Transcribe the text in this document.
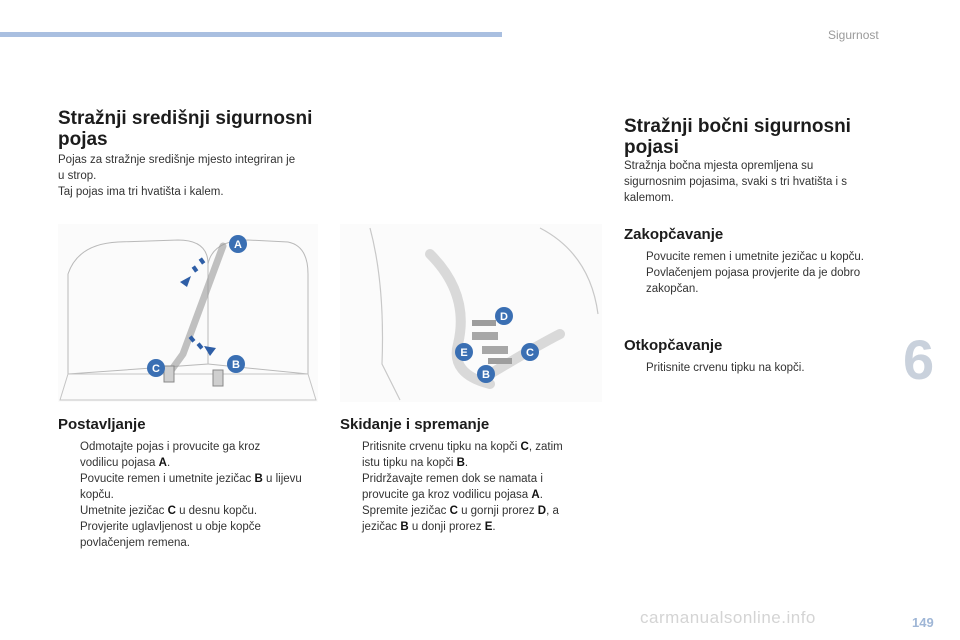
Sigurnost
Stražnji središnji sigurnosni
pojas

Pojas za stražnje središnje mjesto integriran je
u strop.
Taj pojas ima tri hvatišta i kalem.

A
C	B
Postavljanje
Odmotajte pojas i provucite ga kroz
vodilicu pojasa A.
Povucite remen i umetnite jezičac B u lijevu
kopču.
Umetnite jezičac C u desnu kopču.
Provjerite uglavljenost u obje kopče
povlačenjem remena.
D
E	C
B
Skidanje i spremanje
Pritisnite crvenu tipku na kopči C, zatim
istu tipku na kopči B.
Pridržavajte remen dok se namata i
provucite ga kroz vodilicu pojasa A.
Spremite jezičac C u gornji prorez D, a
jezičac B u donji prorez E.
Stražnji bočni sigurnosni
pojasi

Stražnja bočna mjesta opremljena su
sigurnosnim pojasima, svaki s tri hvatišta i s
kalemom.

Zakopčavanje
Povucite remen i umetnite jezičac u kopču.
Povlačenjem pojasa provjerite da je dobro
zakopčan.
Otkopčavanje
Pritisnite crvenu tipku na kopči.	6
carmanualsonline.info	149
